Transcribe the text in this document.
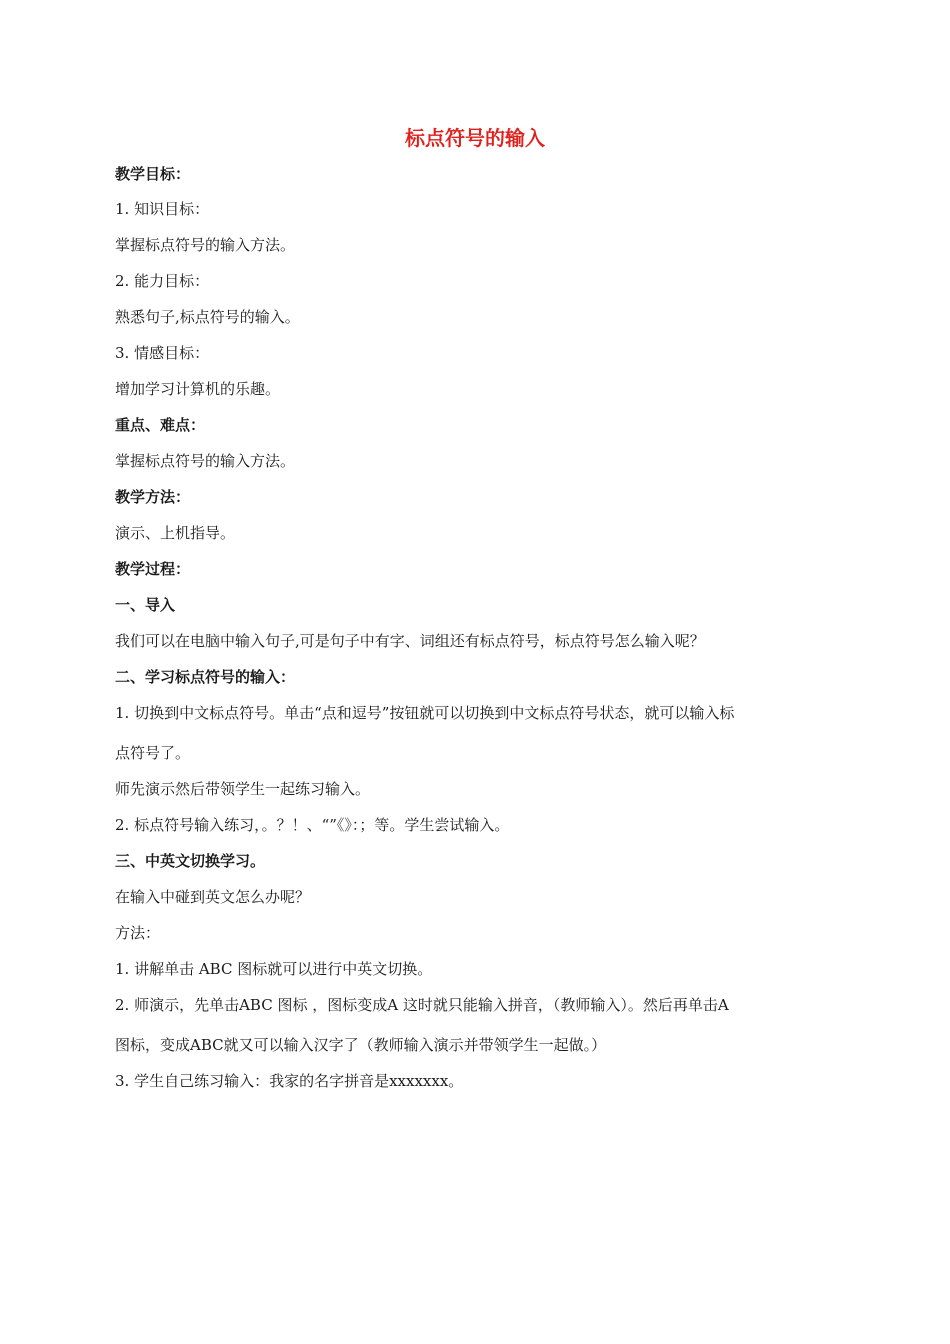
标点符号的输入
教学目标：
1. 知识目标：
掌握标点符号的输入方法。
2. 能力目标：
熟悉句子,标点符号的输入。
3. 情感目标：
增加学习计算机的乐趣。
重点、难点：
掌握标点符号的输入方法。
教学方法：
演示、上机指导。
教学过程：
一、导入
我们可以在电脑中输入句子,可是句子中有字、词组还有标点符号，标点符号怎么输入呢？
二、学习标点符号的输入：
1. 切换到中文标点符号。单击“点和逗号”按钮就可以切换到中文标点符号状态，就可以输入标
点符号了。
师先演示然后带领学生一起练习输入。
2. 标点符号输入练习，。？！、“”《》：；等。学生尝试输入。
三、中英文切换学习。
在输入中碰到英文怎么办呢？
方法：
1. 讲解单击 ABC 图标就可以进行中英文切换。
2. 师演示，先单击ABC 图标 ，图标变成A 这时就只能输入拼音，（教师输入）。然后再单击A
图标，变成ABC就又可以输入汉字了（教师输入演示并带领学生一起做。）
3. 学生自己练习输入：我家的名字拼音是xxxxxxx。
